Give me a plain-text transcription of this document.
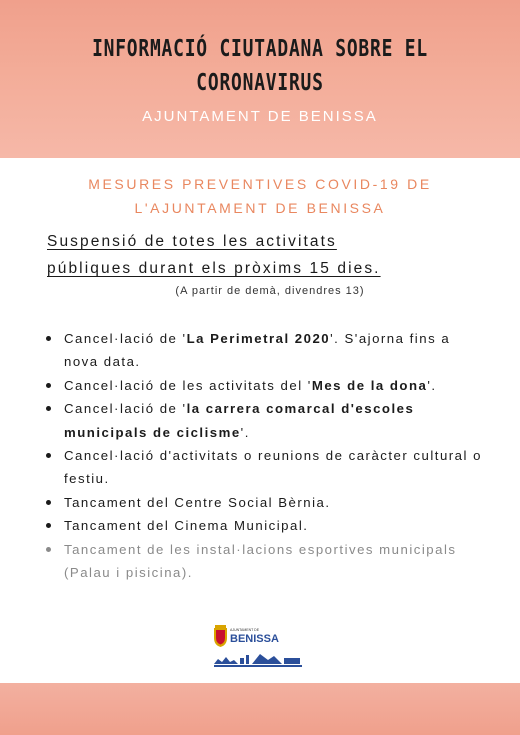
INFORMACIÓ CIUTADANA SOBRE EL
CORONAVIRUS
AJUNTAMENT DE BENISSA
MESURES PREVENTIVES COVID-19 DE
L'AJUNTAMENT DE BENISSA
Suspensió de totes les activitats
públiques durant els pròxims 15 dies.
(A partir de demà, divendres 13)
Cancel·lació de 'La Perimetral 2020'. S'ajorna fins a nova data.
Cancel·lació de les activitats del 'Mes de la dona'.
Cancel·lació de 'la carrera comarcal d'escoles municipals de ciclisme'.
Cancel·lació d'activitats o reunions de caràcter cultural o festiu.
Tancament del Centre Social Bèrnia.
Tancament del Cinema Municipal.
Tancament de les instal·lacions esportives municipals (Palau i pisicina).
AJUNTAMENT DE
BENISSA
